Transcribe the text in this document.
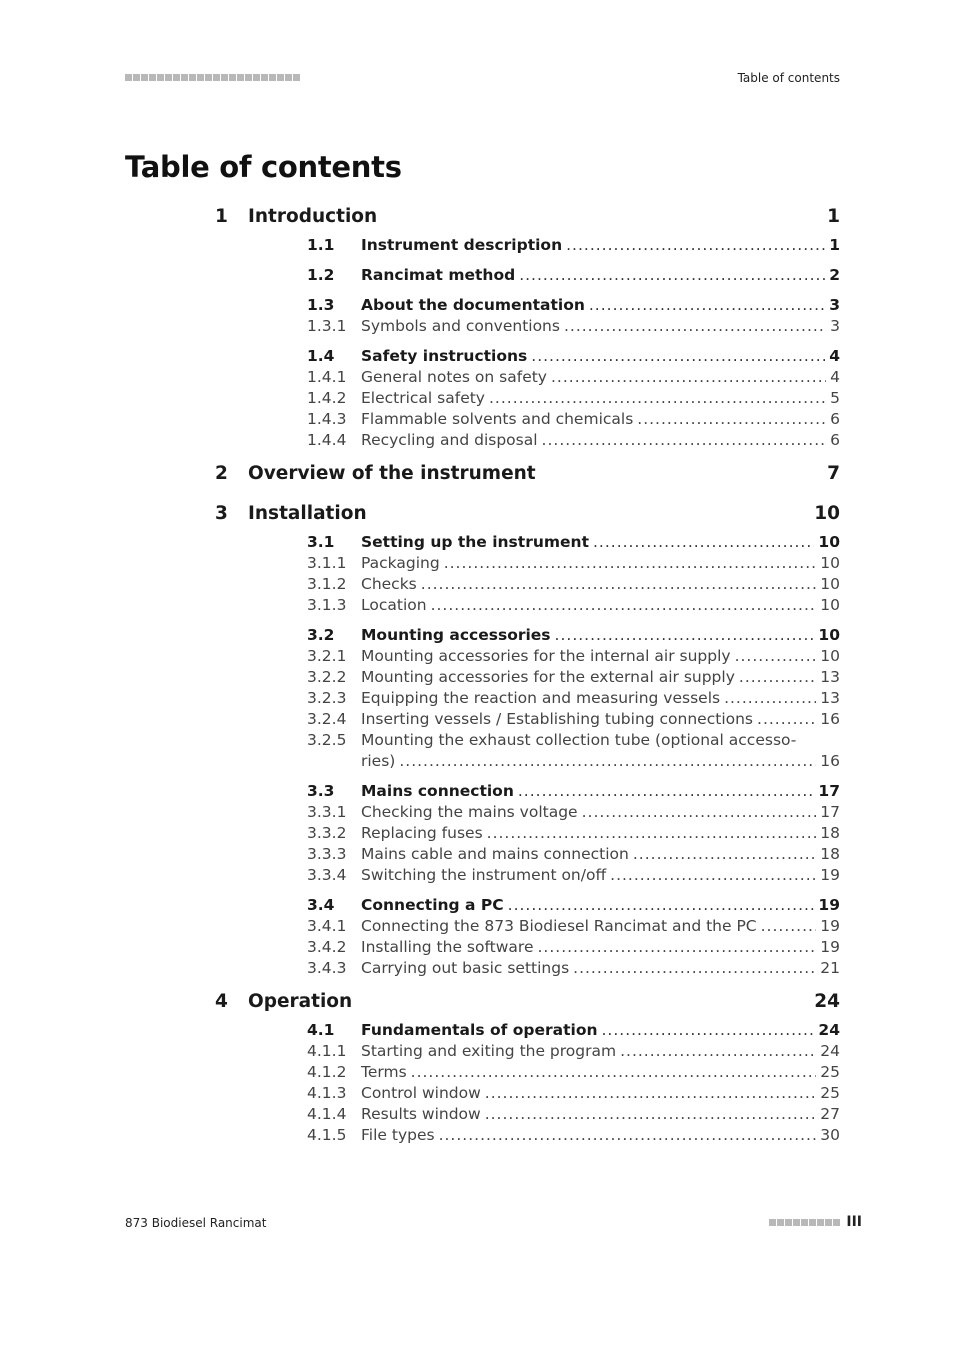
Table of contents
Table of contents
1	Introduction	1
1.1	Instrument description .....	1
1.2	Rancimat method .....	2
1.3	About the documentation .....	3
1.3.1 Symbols and conventions .....	3
1.4	Safety instructions .....	4
1.4.1 General notes on safety .....	4
1.4.2 Electrical safety .....	5
1.4.3 Flammable solvents and chemicals .....	6
1.4.4 Recycling and disposal .....	6
2	Overview of the instrument	7
3	Installation	10
3.1	Setting up the instrument .....	10
3.1.1 Packaging .....	10
3.1.2 Checks .....	10
3.1.3 Location .....	10
3.2	Mounting accessories .....	10
3.2.1 Mounting accessories for the internal air supply .....	10
3.2.2 Mounting accessories for the external air supply .....	13
3.2.3 Equipping the reaction and measuring vessels .....	13
3.2.4 Inserting vessels / Establishing tubing connections .....	16
3.2.5 Mounting the exhaust collection tube (optional accesso-
ries) .....	16
3.3	Mains connection .....	17
3.3.1 Checking the mains voltage .....	17
3.3.2 Replacing fuses .....	18
3.3.3 Mains cable and mains connection .....	18
3.3.4 Switching the instrument on/off .....	19
3.4	Connecting a PC .....	19
3.4.1 Connecting the 873 Biodiesel Rancimat and the PC .....	19
3.4.2 Installing the software .....	19
3.4.3 Carrying out basic settings .....	21
4	Operation	24
4.1	Fundamentals of operation .....	24
4.1.1 Starting and exiting the program .....	24
4.1.2 Terms .....	25
4.1.3 Control window .....	25
4.1.4 Results window .....	27
4.1.5 File types .....	30
873 Biodiesel Rancimat	III
